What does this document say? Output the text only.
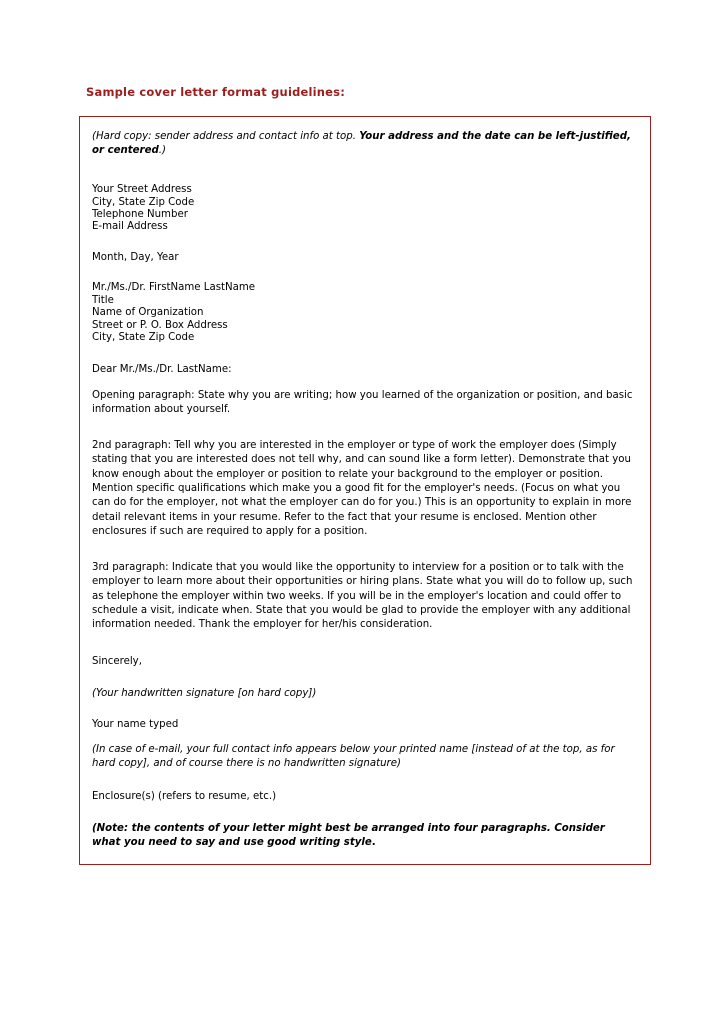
Sample cover letter format guidelines:

(Hard copy: sender address and contact info at top. Your address and the date can be left-justified, or centered.)

Your Street Address
City, State Zip Code
Telephone Number
E-mail Address
Month, Day, Year
Mr./Ms./Dr. FirstName LastName
Title
Name of Organization
Street or P. O. Box Address
City, State Zip Code

Dear Mr./Ms./Dr. LastName:

Opening paragraph: State why you are writing; how you learned of the organization or position, and basic information about yourself.

2nd paragraph: Tell why you are interested in the employer or type of work the employer does (Simply stating that you are interested does not tell why, and can sound like a form letter). Demonstrate that you know enough about the employer or position to relate your background to the employer or position. Mention specific qualifications which make you a good fit for the employer's needs. (Focus on what you can do for the employer, not what the employer can do for you.) This is an opportunity to explain in more detail relevant items in your resume. Refer to the fact that your resume is enclosed. Mention other enclosures if such are required to apply for a position.

3rd paragraph: Indicate that you would like the opportunity to interview for a position or to talk with the employer to learn more about their opportunities or hiring plans. State what you will do to follow up, such as telephone the employer within two weeks. If you will be in the employer's location and could offer to schedule a visit, indicate when. State that you would be glad to provide the employer with any additional information needed. Thank the employer for her/his consideration.

Sincerely,

(Your handwritten signature [on hard copy])

Your name typed

(In case of e-mail, your full contact info appears below your printed name [instead of at the top, as for hard copy], and of course there is no handwritten signature)

Enclosure(s) (refers to resume, etc.)

(Note: the contents of your letter might best be arranged into four paragraphs. Consider what you need to say and use good writing style.
